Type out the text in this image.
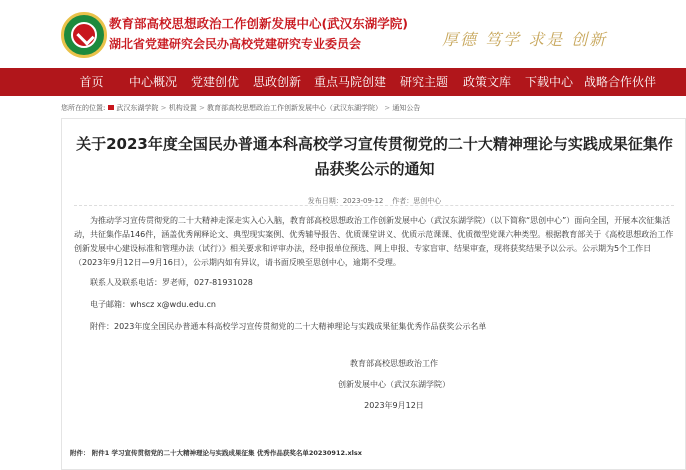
教育部高校思想政治工作创新发展中心(武汉东湖学院)
湖北省党建研究会民办高校党建研究专业委员会	厚德 笃学 求是 创新
首页	中心概况	党建创优	思政创新	重点马院创建	研究主题	政策文库	下载中心 战略合作伙伴
您所在的位置: 武汉东湖学院 > 机构设置 > 教育部高校思想政治工作创新发展中心（武汉东湖学院） > 通知公告
关于2023年度全国民办普通本科高校学习宣传贯彻党的二十大精神理论与实践成果征集作品获奖公示的通知
发布日期：2023-09-12 作者：思创中心
为推动学习宣传贯彻党的二十大精神走深走实入心入脑，教育部高校思想政治工作创新发展中心（武汉东湖学院）（以下简称“思创中心”）面向全国，开展本次征集活动，共征集作品146件，涵盖优秀阐释论文、典型现实案例、优秀辅导报告、优质课堂讲义、优质示范课课、优质微型党课六种类型。根据教育部关于《高校思想政治工作创新发展中心建设标准和管理办法（试行）》相关要求和评审办法，经申报单位预选、网上申报、专家盲审、结果审查，现将获奖结果予以公示。公示期为5个工作日（2023年9月12日—9月16日），公示期内如有异议，请书面反映至思创中心，逾期不受理。
联系人及联系电话：罗老师，027-81931028
电子邮箱：whscz x@wdu.edu.cn
附件：2023年度全国民办普通本科高校学习宣传贯彻党的二十大精神理论与实践成果征集优秀作品获奖公示名单
教育部高校思想政治工作
创新发展中心（武汉东湖学院）
2023年9月12日
附件： 附件1 学习宣传贯彻党的二十大精神理论与实践成果征集 优秀作品获奖名单20230912.xlsx
